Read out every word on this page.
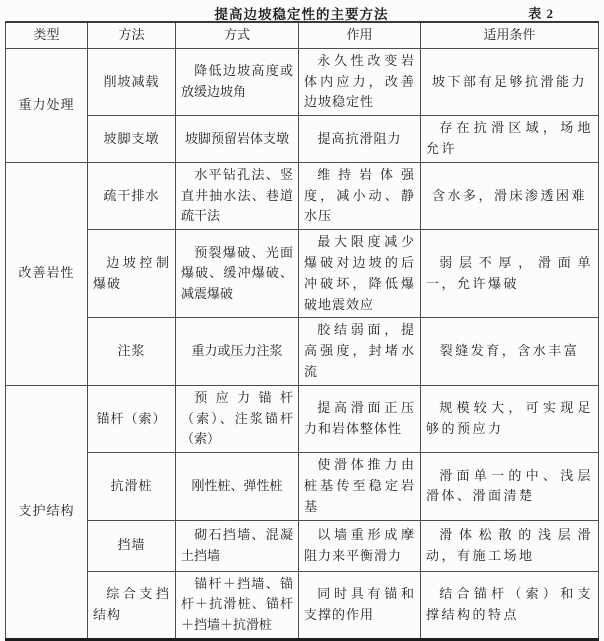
提高边坡稳定性的主要方法	表 2
类型	方法	方式	作用	适用条件

重力处理	削坡减载	降低边坡高度或放缓边坡角	永久性改变岩体内应力，改善边坡稳定性	坡下部有足够抗滑能力

	坡脚支墩	坡脚预留岩体支墩	提高抗滑阻力	存在抗滑区域，场地允许

改善岩性	疏干排水	水平钻孔法、竖直井抽水法、巷道疏干法	维持岩体强度，减小动、静水压	含水多，滑床渗透困难

	边坡控制爆破	预裂爆破、光面爆破、缓冲爆破、减震爆破	最大限度减少爆破对边坡的后冲破坏，降低爆破地震效应	弱层不厚，滑面单一，允许爆破

	注浆	重力或压力注浆	胶结弱面，提高强度，封堵水流	裂缝发育，含水丰富

支护结构	锚杆（索）	预应力锚杆（索）、注浆锚杆（索）	提高滑面正压力和岩体整体性	规模较大，可实现足够的预应力

	抗滑桩	刚性桩、弹性桩	使滑体推力由桩基传至稳定岩基	滑面单一的中、浅层滑体、滑面清楚

	挡墙	砌石挡墙、混凝土挡墙	以墙重形成摩阻力来平衡滑力	滑体松散的浅层滑动，有施工场地

	综合支挡结构	锚杆＋挡墙、锚杆＋抗滑桩、锚杆＋挡墙＋抗滑桩	同时具有锚和支撑的作用	结合锚杆（索）和支撑结构的特点
